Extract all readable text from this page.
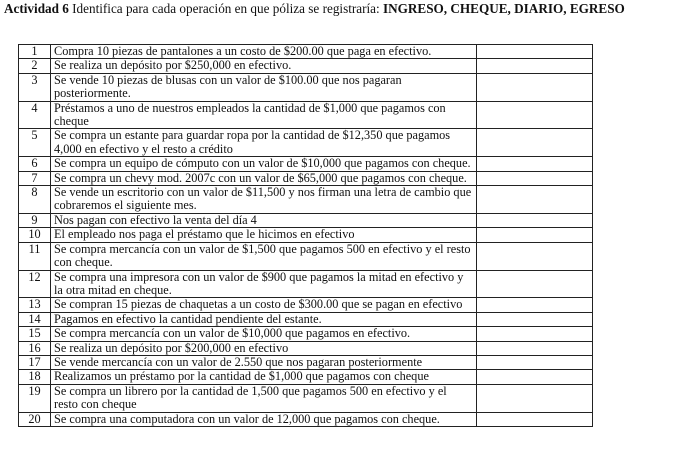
Actividad 6 Identifica para cada operación en que póliza se registraría: INGRESO, CHEQUE, DIARIO, EGRESO

1	Compra 10 piezas de pantalones a un costo de $200.00 que paga en efectivo.	
2	Se realiza un depósito por $250,000 en efectivo.	
3	Se vende 10 piezas de blusas con un valor de $100.00 que nos pagaran posteriormente.	
4	Préstamos a uno de nuestros empleados la cantidad de $1,000 que pagamos con cheque	
5	Se compra un estante para guardar ropa por la cantidad de $12,350 que pagamos 4,000 en efectivo y el resto a crédito	
6	Se compra un equipo de cómputo con un valor de $10,000 que pagamos con cheque.	
7	Se compra un chevy mod. 2007c con un valor de $65,000 que pagamos con cheque.	
8	Se vende un escritorio con un valor de $11,500 y nos firman una letra de cambio que cobraremos el siguiente mes.	
9	Nos pagan con efectivo la venta del día 4	
10	El empleado nos paga el préstamo que le hicimos en efectivo	
11	Se compra mercancía con un valor de $1,500 que pagamos 500 en efectivo y el resto con cheque.	
12	Se compra una impresora con un valor de $900 que pagamos la mitad en efectivo y la otra mitad en cheque.	
13	Se compran 15 piezas de chaquetas a un costo de $300.00 que se pagan en efectivo	
14	Pagamos en efectivo la cantidad pendiente del estante.	
15	Se compra mercancía con un valor de $10,000 que pagamos en efectivo.	
16	Se realiza un depósito por $200,000 en efectivo	
17	Se vende mercancía con un valor de 2.550 que nos pagaran posteriormente	
18	Realizamos un préstamo por la cantidad de $1,000 que pagamos con cheque	
19	Se compra un librero por la cantidad de 1,500 que pagamos 500 en efectivo y el resto con cheque	
20	Se compra una computadora con un valor de 12,000 que pagamos con cheque.	
